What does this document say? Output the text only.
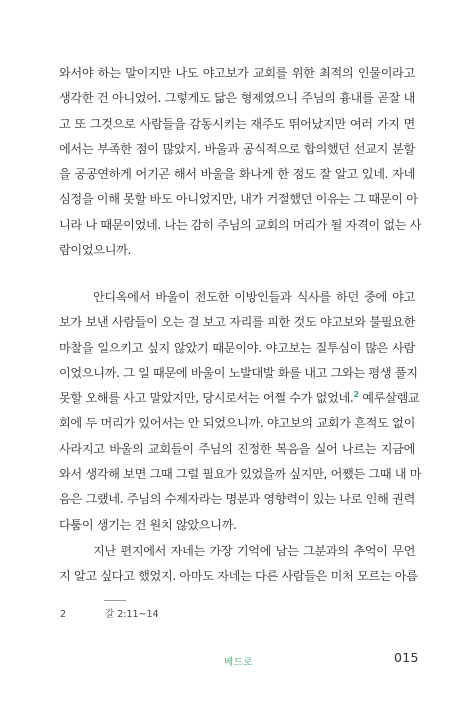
와서야 하는 말이지만 나도 야고보가 교회를 위한 최적의 인물이라고
생각한 건 아니었어. 그렇게도 닮은 형제였으니 주님의 흉내를 곧잘 내
고 또 그것으로 사람들을 감동시키는 재주도 뛰어났지만 여러 가지 면
에서는 부족한 점이 많았지. 바울과 공식적으로 합의했던 선교지 분할
을 공공연하게 어기곤 해서 바울을 화나게 한 점도 잘 알고 있네. 자네
심정을 이해 못할 바도 아니었지만, 내가 거절했던 이유는 그 때문이 아
니라 나 때문이었네. 나는 감히 주님의 교회의 머리가 될 자격이 없는 사
람이었으니까.
안디옥에서 바울이 전도한 이방인들과 식사를 하던 중에 야고
보가 보낸 사람들이 오는 걸 보고 자리를 피한 것도 야고보와 불필요한
마찰을 일으키고 싶지 않았기 때문이야. 야고보는 질투심이 많은 사람
이었으니까. 그 일 때문에 바울이 노발대발 화를 내고 그와는 평생 풀지
못할 오해를 사고 말았지만, 당시로서는 어쩔 수가 없었네.$^2$ 예루살렘교
회에 두 머리가 있어서는 안 되었으니까. 야고보의 교회가 흔적도 없이
사라지고 바울의 교회들이 주님의 진정한 복음을 실어 나르는 지금에
와서 생각해 보면 그때 그럴 필요가 있었을까 싶지만, 어쨌든 그때 내 마
음은 그랬네. 주님의 수제자라는 명분과 영향력이 있는 나로 인해 권력
다툼이 생기는 건 원치 않았으니까.
지난 편지에서 자네는 가장 기억에 남는 그분과의 추억이 무언
지 알고 싶다고 했었지. 아마도 자네는 다른 사람들은 미처 모르는 아름
2	갈 2:11~14
베드로	015
